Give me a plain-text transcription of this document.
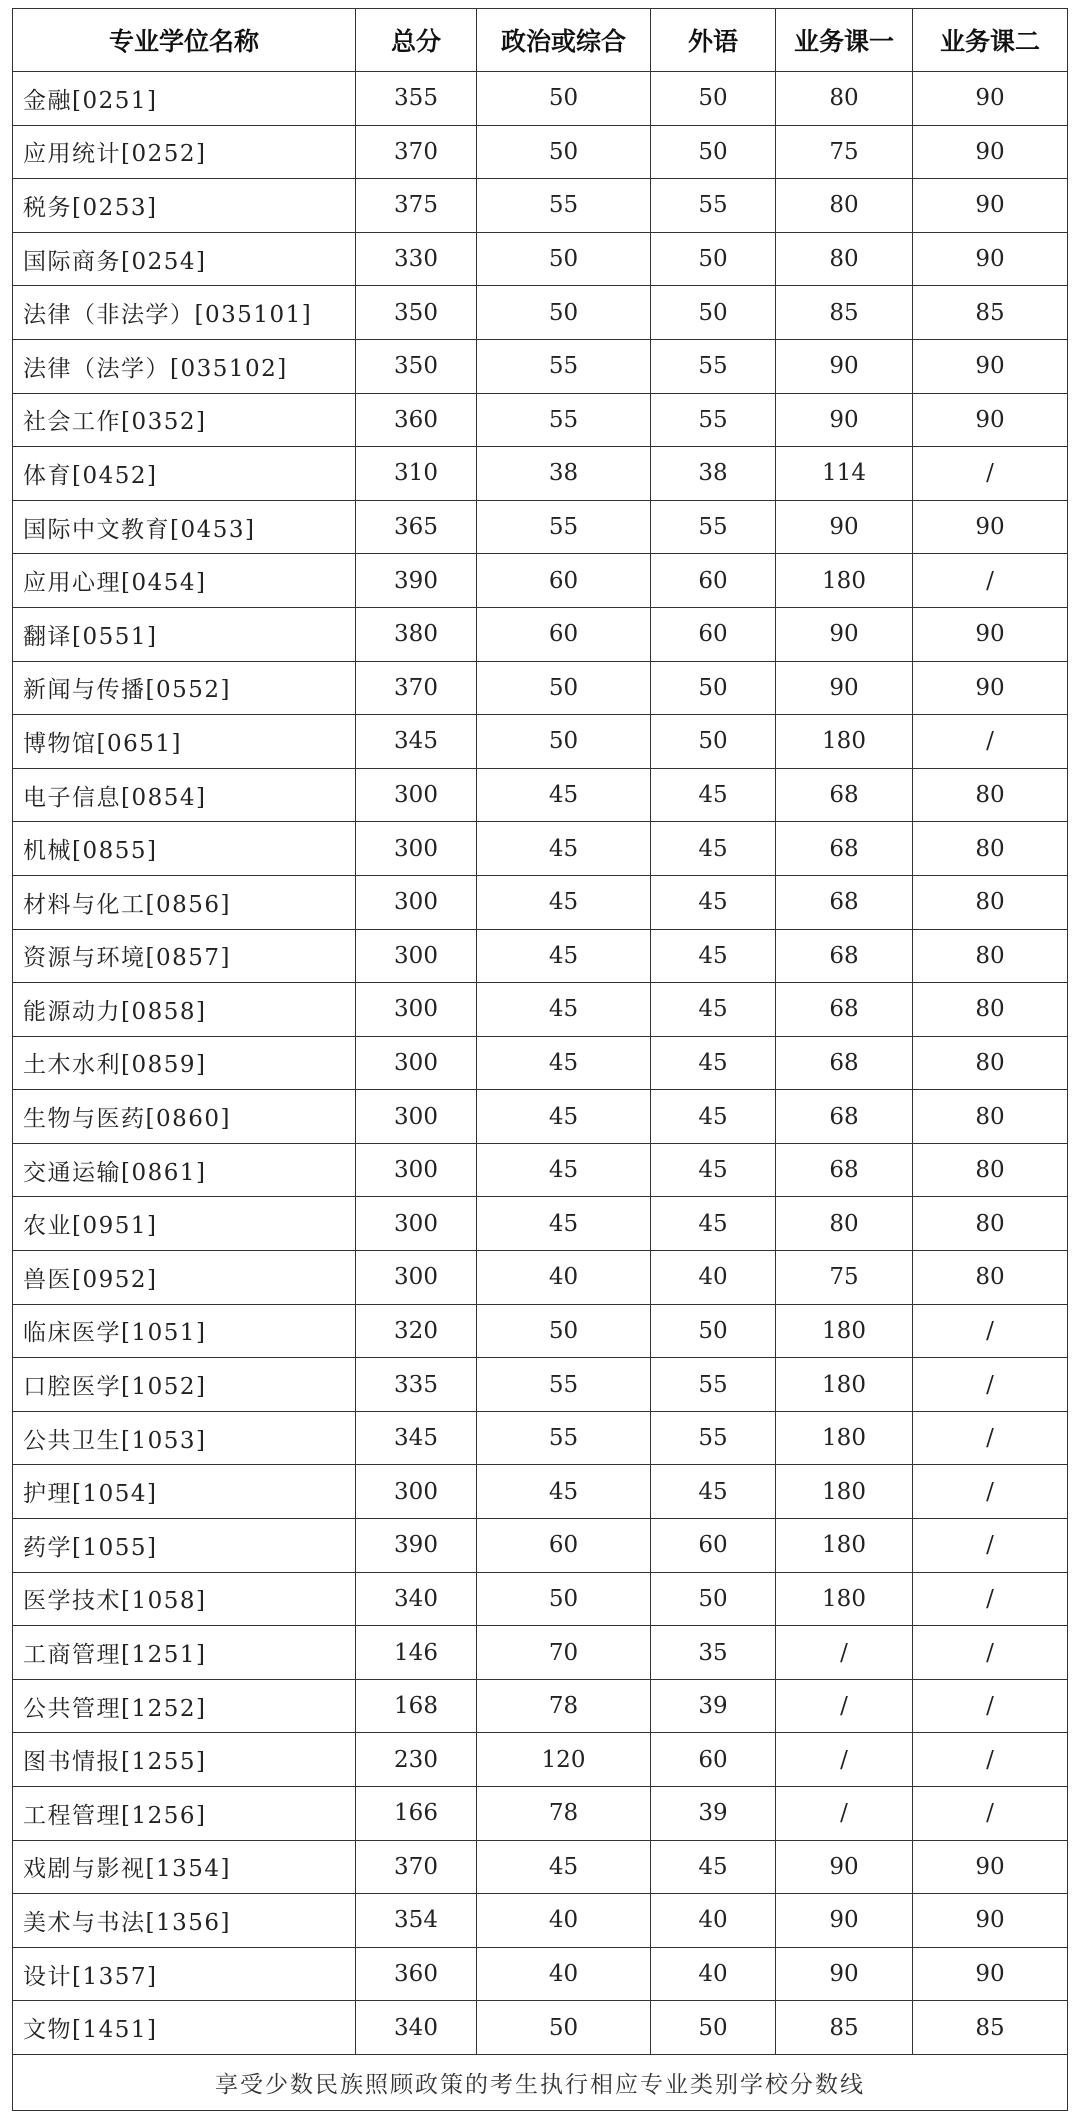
专业学位名称	总分	政治或综合	外语	业务课一	业务课二
金融[0251]	355	50	50	80	90
应用统计[0252]	370	50	50	75	90
税务[0253]	375	55	55	80	90
国际商务[0254]	330	50	50	80	90
法律（非法学）[035101]	350	50	50	85	85
法律（法学）[035102]	350	55	55	90	90
社会工作[0352]	360	55	55	90	90
体育[0452]	310	38	38	114	/
国际中文教育[0453]	365	55	55	90	90
应用心理[0454]	390	60	60	180	/
翻译[0551]	380	60	60	90	90
新闻与传播[0552]	370	50	50	90	90
博物馆[0651]	345	50	50	180	/
电子信息[0854]	300	45	45	68	80
机械[0855]	300	45	45	68	80
材料与化工[0856]	300	45	45	68	80
资源与环境[0857]	300	45	45	68	80
能源动力[0858]	300	45	45	68	80
土木水利[0859]	300	45	45	68	80
生物与医药[0860]	300	45	45	68	80
交通运输[0861]	300	45	45	68	80
农业[0951]	300	45	45	80	80
兽医[0952]	300	40	40	75	80
临床医学[1051]	320	50	50	180	/
口腔医学[1052]	335	55	55	180	/
公共卫生[1053]	345	55	55	180	/
护理[1054]	300	45	45	180	/
药学[1055]	390	60	60	180	/
医学技术[1058]	340	50	50	180	/
工商管理[1251]	146	70	35	/	/
公共管理[1252]	168	78	39	/	/
图书情报[1255]	230	120	60	/	/
工程管理[1256]	166	78	39	/	/
戏剧与影视[1354]	370	45	45	90	90
美术与书法[1356]	354	40	40	90	90
设计[1357]	360	40	40	90	90
文物[1451]	340	50	50	85	85
享受少数民族照顾政策的考生执行相应专业类别学校分数线					
